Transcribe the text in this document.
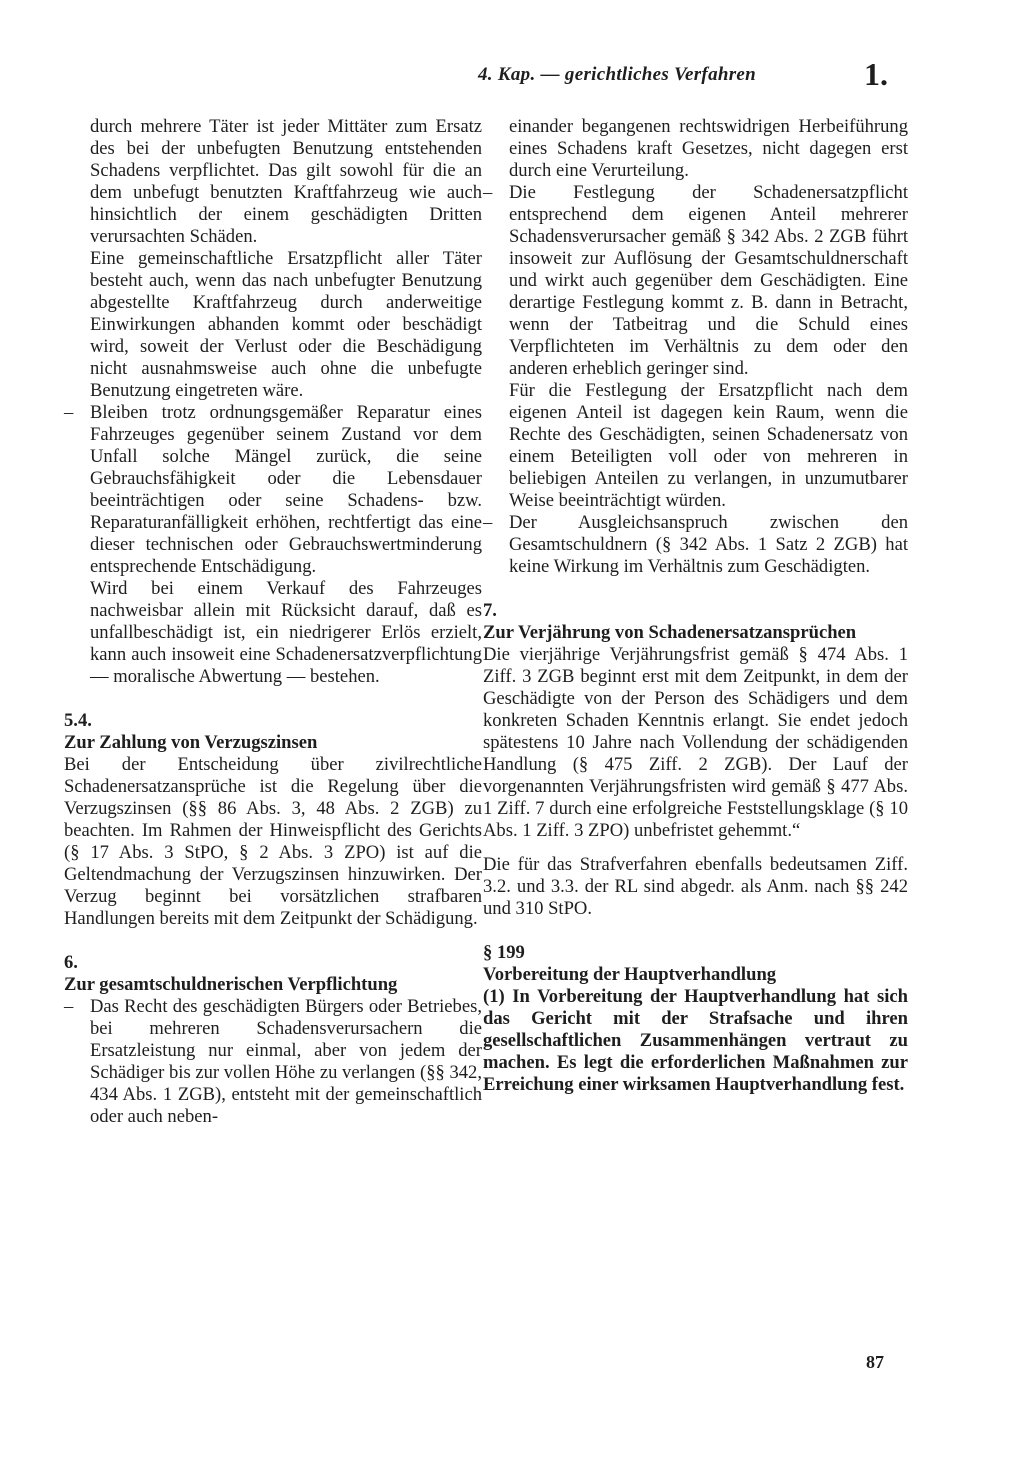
4. Kap. — gerichtliches Verfahren	1.

durch mehrere Täter ist jeder Mittäter zum Ersatz des bei der unbefugten Benutzung entstehenden Schadens verpflichtet. Das gilt sowohl für die an dem unbefugt benutzten Kraftfahrzeug wie auch hinsichtlich der einem geschädigten Dritten verursachten Schäden.

Eine gemeinschaftliche Ersatzpflicht aller Täter besteht auch, wenn das nach unbefugter Benutzung abgestellte Kraftfahrzeug durch anderweitige Einwirkungen abhanden kommt oder beschädigt wird, soweit der Verlust oder die Beschädigung nicht ausnahmsweise auch ohne die unbefugte Benutzung eingetreten wäre.

– Bleiben trotz ordnungsgemäßer Reparatur eines Fahrzeuges gegenüber seinem Zustand vor dem Unfall solche Mängel zurück, die seine Gebrauchsfähigkeit oder die Lebensdauer beeinträchtigen oder seine Schadens- bzw. Reparaturanfälligkeit erhöhen, rechtfertigt das eine dieser technischen oder Gebrauchswertminderung entsprechende Entschädigung.

Wird bei einem Verkauf des Fahrzeuges nachweisbar allein mit Rücksicht darauf, daß es unfallbeschädigt ist, ein niedrigerer Erlös erzielt, kann auch insoweit eine Schadenersatzverpflichtung — moralische Abwertung — bestehen.

5.4.

Zur Zahlung von Verzugszinsen

Bei der Entscheidung über zivilrechtliche Schadenersatzansprüche ist die Regelung über die Verzugszinsen (§§ 86 Abs. 3, 48 Abs. 2 ZGB) zu beachten. Im Rahmen der Hinweispflicht des Gerichts (§ 17 Abs. 3 StPO, § 2 Abs. 3 ZPO) ist auf die Geltendmachung der Verzugszinsen hinzuwirken. Der Verzug beginnt bei vorsätzlichen strafbaren Handlungen bereits mit dem Zeitpunkt der Schädigung.

6.

Zur gesamtschuldnerischen Verpflichtung

– Das Recht des geschädigten Bürgers oder Betriebes, bei mehreren Schadensverursachern die Ersatzleistung nur einmal, aber von jedem der Schädiger bis zur vollen Höhe zu verlangen (§§ 342, 434 Abs. 1 ZGB), entsteht mit der gemeinschaftlich oder auch neben-

einander begangenen rechtswidrigen Herbeiführung eines Schadens kraft Gesetzes, nicht dagegen erst durch eine Verurteilung.

– Die Festlegung der Schadenersatzpflicht entsprechend dem eigenen Anteil mehrerer Schadensverursacher gemäß § 342 Abs. 2 ZGB führt insoweit zur Auflösung der Gesamtschuldnerschaft und wirkt auch gegenüber dem Geschädigten. Eine derartige Festlegung kommt z. B. dann in Betracht, wenn der Tatbeitrag und die Schuld eines Verpflichteten im Verhältnis zu dem oder den anderen erheblich geringer sind.

Für die Festlegung der Ersatzpflicht nach dem eigenen Anteil ist dagegen kein Raum, wenn die Rechte des Geschädigten, seinen Schadenersatz von einem Beteiligten voll oder von mehreren in beliebigen Anteilen zu verlangen, in unzumutbarer Weise beeinträchtigt würden.

– Der Ausgleichsanspruch zwischen den Gesamtschuldnern (§ 342 Abs. 1 Satz 2 ZGB) hat keine Wirkung im Verhältnis zum Geschädigten.

7.

Zur Verjährung von Schadenersatzansprüchen

Die vierjährige Verjährungsfrist gemäß § 474 Abs. 1 Ziff. 3 ZGB beginnt erst mit dem Zeitpunkt, in dem der Geschädigte von der Person des Schädigers und dem konkreten Schaden Kenntnis erlangt. Sie endet jedoch spätestens 10 Jahre nach Vollendung der schädigenden Handlung (§ 475 Ziff. 2 ZGB). Der Lauf der vorgenannten Verjährungsfristen wird gemäß § 477 Abs. 1 Ziff. 7 durch eine erfolgreiche Feststellungsklage (§ 10 Abs. 1 Ziff. 3 ZPO) unbefristet gehemmt.“

Die für das Strafverfahren ebenfalls bedeutsamen Ziff. 3.2. und 3.3. der RL sind abgedr. als Anm. nach §§ 242 und 310 StPO.

§ 199

Vorbereitung der Hauptverhandlung

(1) In Vorbereitung der Hauptverhandlung hat sich das Gericht mit der Strafsache und ihren gesellschaftlichen Zusammenhängen vertraut zu machen. Es legt die erforderlichen Maßnahmen zur Erreichung einer wirksamen Hauptverhandlung fest.

87
